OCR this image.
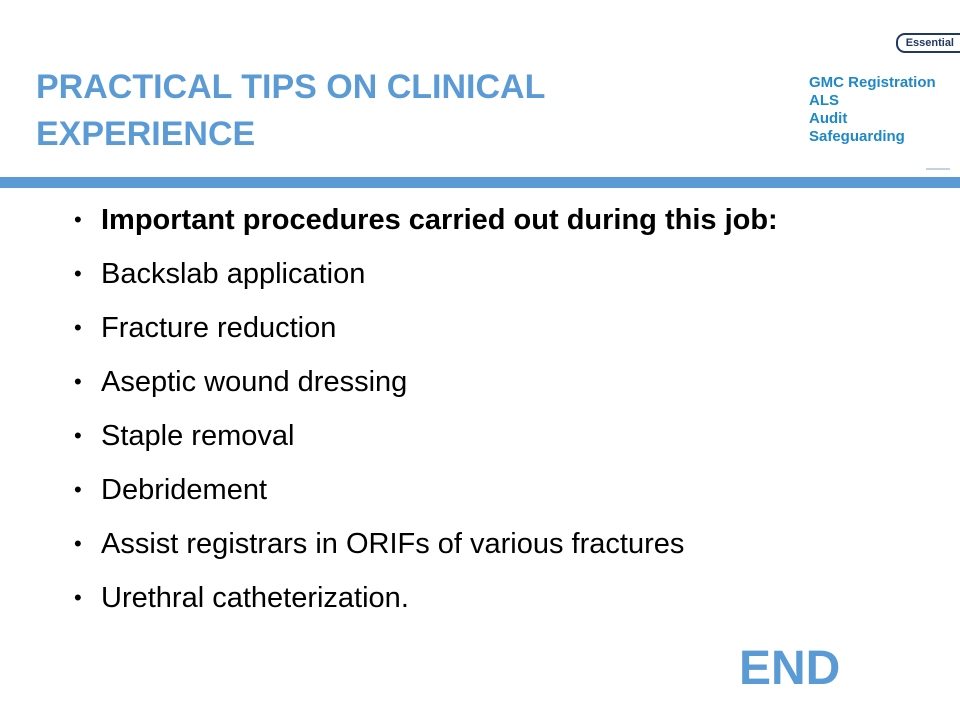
PRACTICAL TIPS ON CLINICAL EXPERIENCE
Essential
GMC Registration
ALS
Audit
Safeguarding
• Important procedures carried out during this job:
• Backslab application
• Fracture reduction
• Aseptic wound dressing
• Staple removal
• Debridement
• Assist registrars in ORIFs of various fractures
• Urethral catheterization.
END
